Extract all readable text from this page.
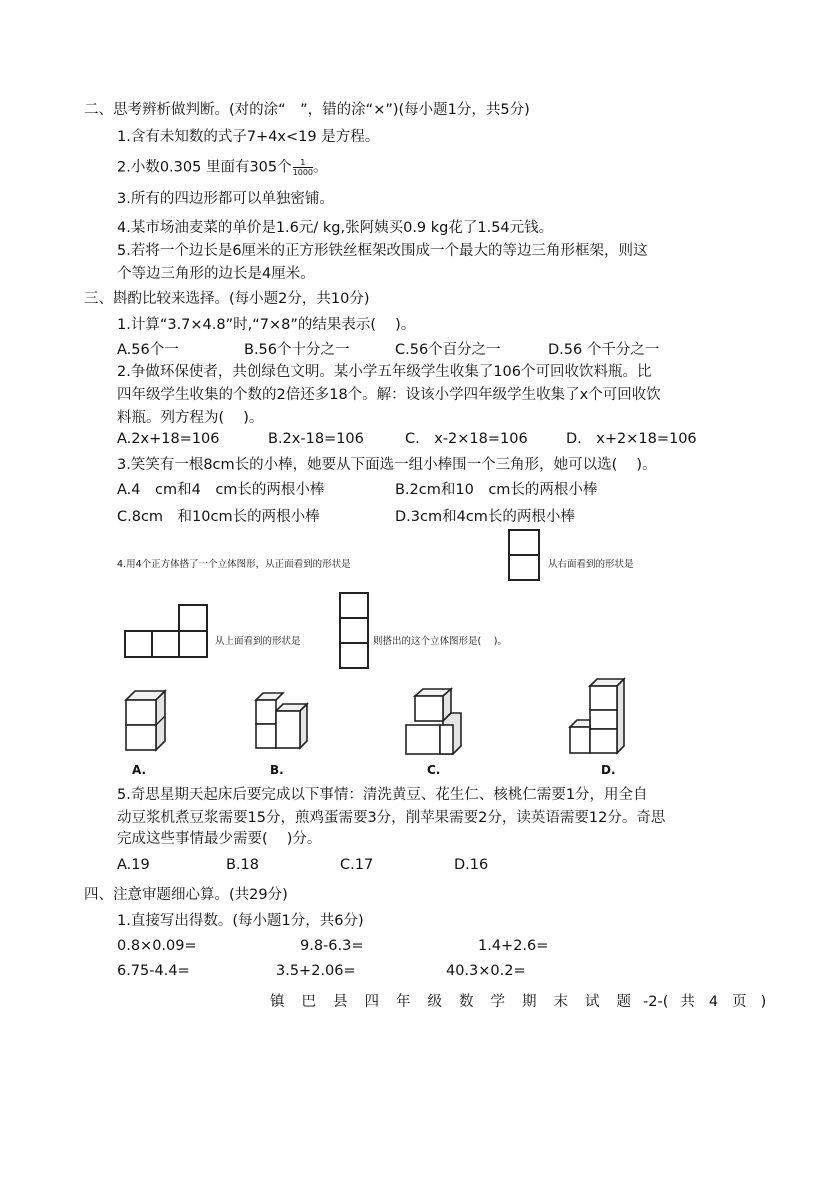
二、思考辨析做判断。(对的涂“　”，错的涂“×”)(每小题1分，共5分)
1.含有未知数的式子7+4x<19 是方程。
2.小数0.305 里面有305个 $\frac{1}{1000}$ 。
3.所有的四边形都可以单独密铺。
4.某市场油麦菜的单价是1.6元/ kg,张阿姨买0.9 kg花了1.54元钱。
5.若将一个边长是6厘米的正方形铁丝框架改围成一个最大的等边三角形框架，则这
个等边三角形的边长是4厘米。
三、斟酌比较来选择。(每小题2分，共10分)
1.计算“3.7×4.8”时,“7×8”的结果表示(　 )。
A.56个一	B.56个十分之一	C.56个百分之一	D.56 个千分之一
2.争做环保使者，共创绿色文明。某小学五年级学生收集了106个可回收饮料瓶。比
四年级学生收集的个数的2倍还多18个。解：设该小学四年级学生收集了x个可回收饮
料瓶。列方程为(　 )。
A.2x+18=106	B.2x-18=106	C.　x-2×18=106	D.　x+2×18=106
3.笑笑有一根8cm长的小棒，她要从下面选一组小棒围一个三角形，她可以选(　 )。
A.4　cm和4　cm长的两根小棒	B.2cm和10　cm长的两根小棒
C.8cm　和10cm长的两根小棒	D.3cm和4cm长的两根小棒
4.用4个正方体搭了一个立体图形，从正面看到的形状是	从右面看到的形状是
从上面看到的形状是	则搭出的这个立体图形是(　 )。
A.	B.	C.	D.
5.奇思星期天起床后要完成以下事情：清洗黄豆、花生仁、核桃仁需要1分，用全自
动豆浆机煮豆浆需要15分，煎鸡蛋需要3分，削苹果需要2分，读英语需要12分。奇思
完成这些事情最少需要(　 )分。
A.19	B.18	C.17	D.16
四、注意审题细心算。(共29分)
1.直接写出得数。(每小题1分，共6分)
0.8×0.09=	9.8-6.3=	1.4+2.6=
6.75-4.4=	3.5+2.06=	40.3×0.2=
镇 巴 县 四 年 级 数 学 期 末 试 题 -2-( 共 4 页 )
